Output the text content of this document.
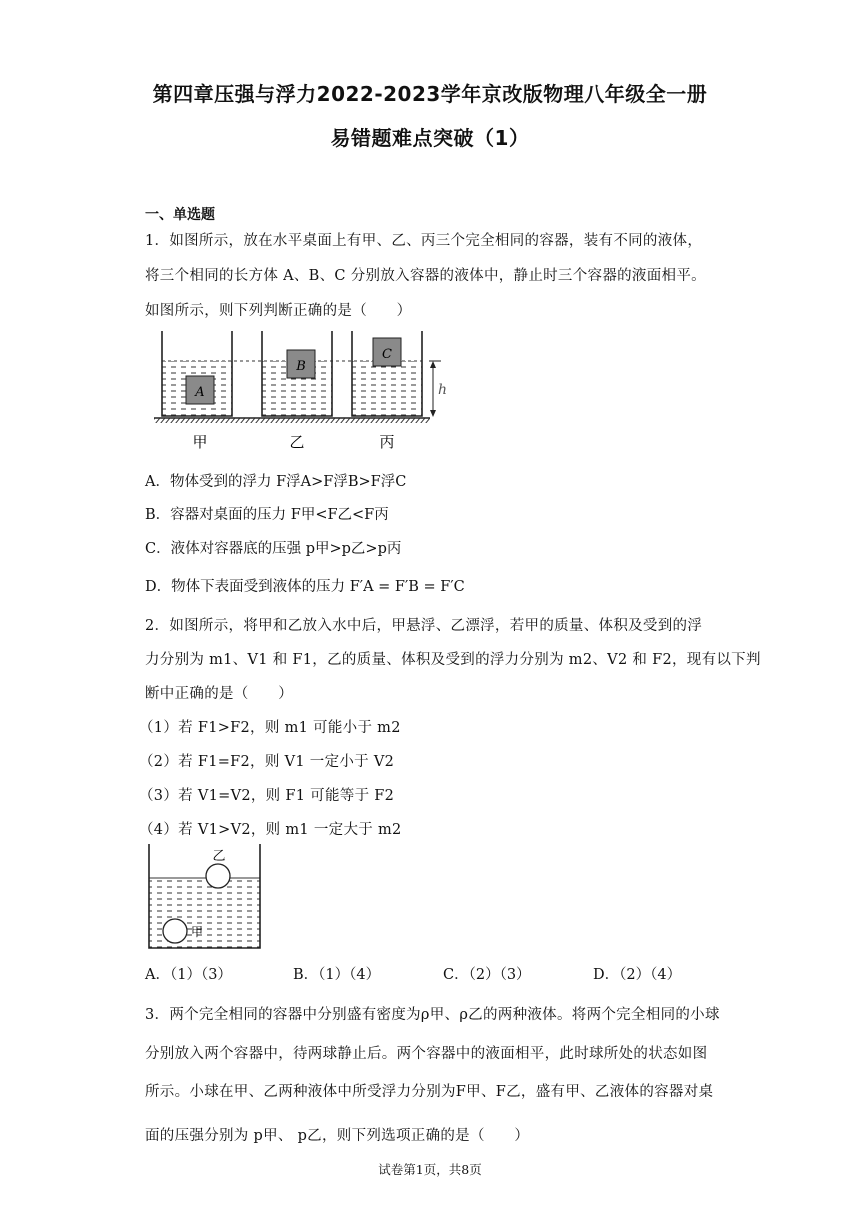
第四章压强与浮力2022-2023学年京改版物理八年级全一册
易错题难点突破（1）
一、单选题
1．如图所示，放在水平桌面上有甲、乙、丙三个完全相同的容器，装有不同的液体，
将三个相同的长方体 A、B、C 分别放入容器的液体中，静止时三个容器的液面相平。
如图所示，则下列判断正确的是（　　）
A
B
C
h
甲	乙	丙
A．物体受到的浮力 F浮A>F浮B>F浮C
B．容器对桌面的压力 F甲<F乙<F丙
C．液体对容器底的压强 p甲>p乙>p丙
D．物体下表面受到液体的压力 F′A = F′B = F′C
2．如图所示，将甲和乙放入水中后，甲悬浮、乙漂浮，若甲的质量、体积及受到的浮
力分别为 m1、V1 和 F1，乙的质量、体积及受到的浮力分别为 m2、V2 和 F2，现有以下判
断中正确的是（　　）
（1）若 F1>F2，则 m1 可能小于 m2
（2）若 F1=F2，则 V1 一定小于 V2
（3）若 V1=V2，则 F1 可能等于 F2
（4）若 V1>V2，则 m1 一定大于 m2
乙
甲
A．（1）（3）	B．（1）（4）	C．（2）（3）	D．（2）（4）
3．两个完全相同的容器中分别盛有密度为ρ甲、ρ乙的两种液体。将两个完全相同的小球
分别放入两个容器中，待两球静止后。两个容器中的液面相平，此时球所处的状态如图
所示。小球在甲、乙两种液体中所受浮力分别为F甲、F乙，盛有甲、乙液体的容器对桌
面的压强分别为 p甲、 p乙，则下列选项正确的是（　　）
试卷第1页，共8页
